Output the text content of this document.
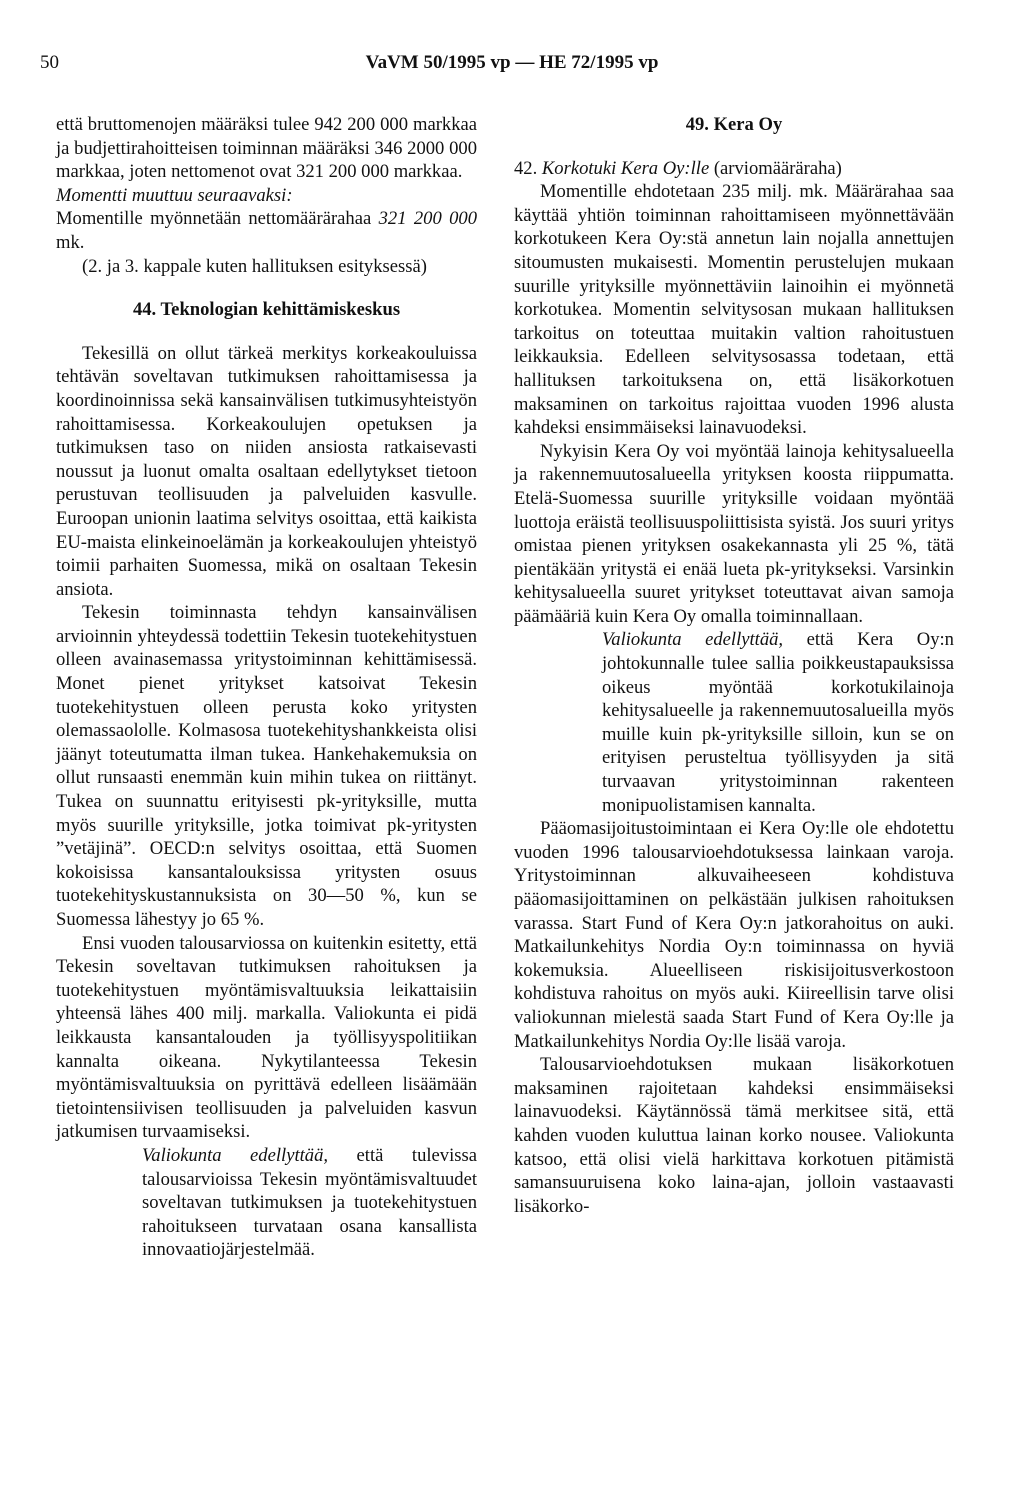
50	VaVM 50/1995 vp — HE 72/1995 vp

että bruttomenojen määräksi tulee 942 200 000 markkaa ja budjettirahoitteisen toiminnan määräksi 346 2000 000 markkaa, joten nettomenot ovat 321 200 000 markkaa.

Momentti muuttuu seuraavaksi:

Momentille myönnetään nettomäärärahaa 321 200 000 mk.

(2. ja 3. kappale kuten hallituksen esityksessä)

44. Teknologian kehittämiskeskus

Tekesillä on ollut tärkeä merkitys korkeakouluissa tehtävän soveltavan tutkimuksen rahoittamisessa ja koordinoinnissa sekä kansainvälisen tutkimusyhteistyön rahoittamisessa. Korkeakoulujen opetuksen ja tutkimuksen taso on niiden ansiosta ratkaisevasti noussut ja luonut omalta osaltaan edellytykset tietoon perustuvan teollisuuden ja palveluiden kasvulle. Euroopan unionin laatima selvitys osoittaa, että kaikista EU-maista elinkeinoelämän ja korkeakoulujen yhteistyö toimii parhaiten Suomessa, mikä on osaltaan Tekesin ansiota.

Tekesin toiminnasta tehdyn kansainvälisen arvioinnin yhteydessä todettiin Tekesin tuotekehitystuen olleen avainasemassa yritystoiminnan kehittämisessä. Monet pienet yritykset katsoivat Tekesin tuotekehitystuen olleen perusta koko yritysten olemassaololle. Kolmasosa tuotekehityshankkeista olisi jäänyt toteutumatta ilman tukea. Hankehakemuksia on ollut runsaasti enemmän kuin mihin tukea on riittänyt. Tukea on suunnattu erityisesti pk-yrityksille, mutta myös suurille yrityksille, jotka toimivat pk-yritysten ”vetäjinä”. OECD:n selvitys osoittaa, että Suomen kokoisissa kansantalouksissa yritysten osuus tuotekehityskustannuksista on 30—50 %, kun se Suomessa lähestyy jo 65 %.

Ensi vuoden talousarviossa on kuitenkin esitetty, että Tekesin soveltavan tutkimuksen rahoituksen ja tuotekehitystuen myöntämisvaltuuksia leikattaisiin yhteensä lähes 400 milj. markalla. Valiokunta ei pidä leikkausta kansantalouden ja työllisyyspolitiikan kannalta oikeana. Nykytilanteessa Tekesin myöntämisvaltuuksia on pyrittävä edelleen lisäämään tietointensiivisen teollisuuden ja palveluiden kasvun jatkumisen turvaamiseksi.

Valiokunta edellyttää, että tulevissa talousarvioissa Tekesin myöntämisvaltuudet soveltavan tutkimuksen ja tuotekehitystuen rahoitukseen turvataan osana kansallista innovaatiojärjestelmää.

49. Kera Oy

42. Korkotuki Kera Oy:lle (arviomääräraha)

Momentille ehdotetaan 235 milj. mk. Määrärahaa saa käyttää yhtiön toiminnan rahoittamiseen myönnettävään korkotukeen Kera Oy:stä annetun lain nojalla annettujen sitoumusten mukaisesti. Momentin perustelujen mukaan suurille yrityksille myönnettäviin lainoihin ei myönnetä korkotukea. Momentin selvitysosan mukaan hallituksen tarkoitus on toteuttaa muitakin valtion rahoitustuen leikkauksia. Edelleen selvitysosassa todetaan, että hallituksen tarkoituksena on, että lisäkorkotuen maksaminen on tarkoitus rajoittaa vuoden 1996 alusta kahdeksi ensimmäiseksi lainavuodeksi.

Nykyisin Kera Oy voi myöntää lainoja kehitysalueella ja rakennemuutosalueella yrityksen koosta riippumatta. Etelä-Suomessa suurille yrityksille voidaan myöntää luottoja eräistä teollisuuspoliittisista syistä. Jos suuri yritys omistaa pienen yrityksen osakekannasta yli 25 %, tätä pientäkään yritystä ei enää lueta pk-yritykseksi. Varsinkin kehitysalueella suuret yritykset toteuttavat aivan samoja päämääriä kuin Kera Oy omalla toiminnallaan.

Valiokunta edellyttää, että Kera Oy:n johtokunnalle tulee sallia poikkeustapauksissa oikeus myöntää korkotukilainoja kehitysalueelle ja rakennemuutosalueilla myös muille kuin pk-yrityksille silloin, kun se on erityisen perusteltua työllisyyden ja sitä turvaavan yritystoiminnan rakenteen monipuolistamisen kannalta.

Pääomasijoitustoimintaan ei Kera Oy:lle ole ehdotettu vuoden 1996 talousarvioehdotuksessa lainkaan varoja. Yritystoiminnan alkuvaiheeseen kohdistuva pääomasijoittaminen on pelkästään julkisen rahoituksen varassa. Start Fund of Kera Oy:n jatkorahoitus on auki. Matkailunkehitys Nordia Oy:n toiminnassa on hyviä kokemuksia. Alueelliseen riskisijoitusverkostoon kohdistuva rahoitus on myös auki. Kiireellisin tarve olisi valiokunnan mielestä saada Start Fund of Kera Oy:lle ja Matkailunkehitys Nordia Oy:lle lisää varoja.

Talousarvioehdotuksen mukaan lisäkorkotuen maksaminen rajoitetaan kahdeksi ensimmäiseksi lainavuodeksi. Käytännössä tämä merkitsee sitä, että kahden vuoden kuluttua lainan korko nousee. Valiokunta katsoo, että olisi vielä harkittava korkotuen pitämistä samansuuruisena koko laina-ajan, jolloin vastaavasti lisäkorko-
